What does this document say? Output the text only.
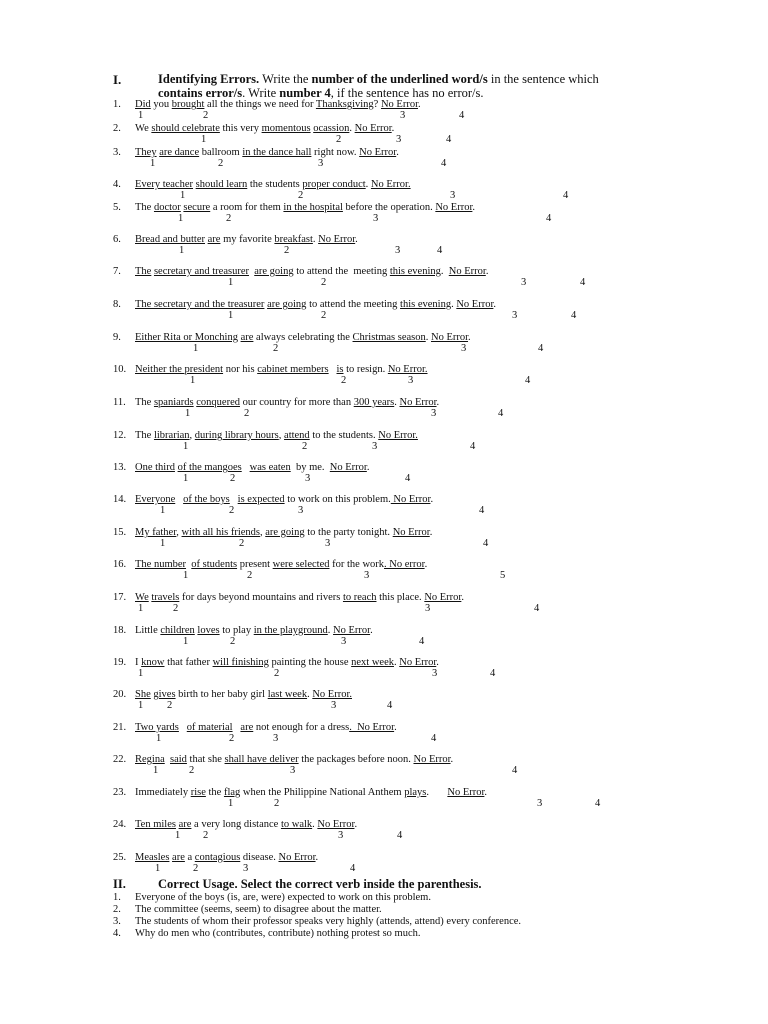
I.	Identifying Errors. Write the number of the underlined word/s in the sentence which
contains error/s. Write number 4, if the sentence has no error/s.
1. Did you brought all the things we need for Thanksgiving? No Error.
1	2	3	4
2. We should celebrate this very momentous ocassion. No Error.
1	2	3	4
3. They are dance ballroom in the dance hall right now. No Error.
1	2	3	4
4. Every teacher should learn the students proper conduct. No Error.
1	2	3	4
5. The doctor secure a room for them in the hospital before the operation. No Error.
1	2	3	4
6. Bread and butter are my favorite breakfast. No Error.
1	2	3	4
7. The secretary and treasurer are going to attend the  meeting this evening.  No Error.
1	2	3	4
8. The secretary and the treasurer are going to attend the meeting this evening. No Error.
1	2	3	4
9. Either Rita or Monching are always celebrating the Christmas season. No Error.
1	2	3	4
10. Neither the president nor his cabinet members is to resign. No Error.
1	2	3	4
11. The spaniards conquered our country for more than 300 years. No Error.
1	2	3	4
12. The librarian, during library hours, attend to the students. No Error.
1	2	3	4
13. One third of the mangoes was eaten  by me.  No Error.
1	2	3	4
14. Everyone of the boys is expected to work on this problem. No Error.
1	2	3	4
15. My father, with all his friends, are going to the party tonight. No Error.
1	2	3	4
16. The number of students present were selected for the work. No error.
1	2	3	5
17. We travels for days beyond mountains and rivers to reach this place. No Error.
1	2	3	4
18. Little children loves to play in the playground. No Error.
1	2	3	4
19. I know that father will finishing painting the house next week. No Error.
1	2	3	4
20. She gives birth to her baby girl last week. No Error.
1 2	3	4
21. Two yards of material are not enough for a dress.  No Error.
1	2	3	4
22. Regina said that she shall have deliver the packages before noon. No Error.
1	2	3	4
23. Immediately rise the flag when the Philippine National Anthem plays.       No Error.
1	2	3	4
24. Ten miles are a very long distance to walk. No Error.
1 2	3	4
25. Measles are a contagious disease. No Error.
1	2	3	4
II.	Correct Usage. Select the correct verb inside the parenthesis.
1. Everyone of the boys (is, are, were) expected to work on this problem.
2. The committee (seems, seem) to disagree about the matter.
3. The students of whom their professor speaks very highly (attends, attend) every conference.
4. Why do men who (contributes, contribute) nothing protest so much.
